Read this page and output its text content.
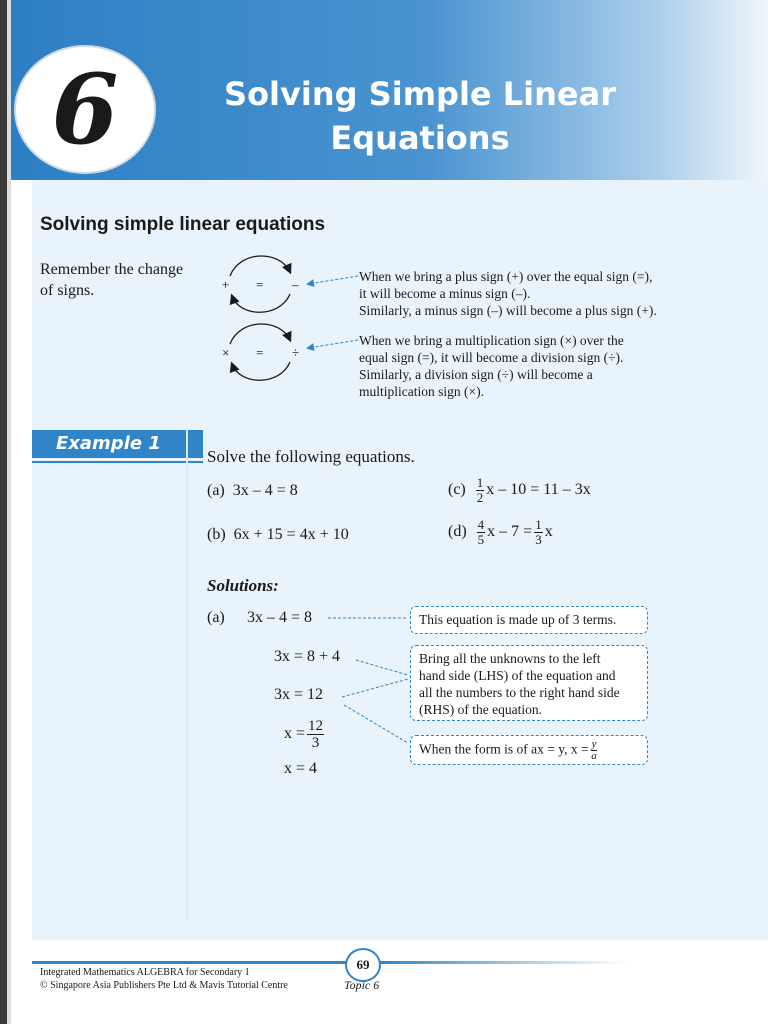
6	Solving Simple Linear
Equations
Solving simple linear equations
Remember the change of signs.	+ = –
× = ÷
When we bring a plus sign (+) over the equal sign (=),
it will become a minus sign (–).
Similarly, a minus sign (–) will become a plus sign (+).
When we bring a multiplication sign (×) over the
equal sign (=), it will become a division sign (÷).
Similarly, a division sign (÷) will become a
multiplication sign (×).
Example 1
Solve the following equations.
(a) 3x – 4 = 8
(b) 6x + 15 = 4x + 10
$(c) \frac{1}{2}$ x – 10 = 11 – 3x
$(d) \frac{4}{5}$ $x - 7 = \frac{1}{3}$ x
Solutions:
(a) 3x – 4 = 8
3x = 8 + 4
3x = 12
$x = \frac{12}{3}$
x = 4
This equation is made up of 3 terms.
Bring all the unknowns to the left
hand side (LHS) of the equation and
all the numbers to the right hand side
(RHS) of the equation.
When the form is of ax = y, $x = \frac{y}{a}$
69
Integrated Mathematics ALGEBRA for Secondary 1
© Singapore Asia Publishers Pte Ltd & Mavis Tutorial Centre	Topic 6
